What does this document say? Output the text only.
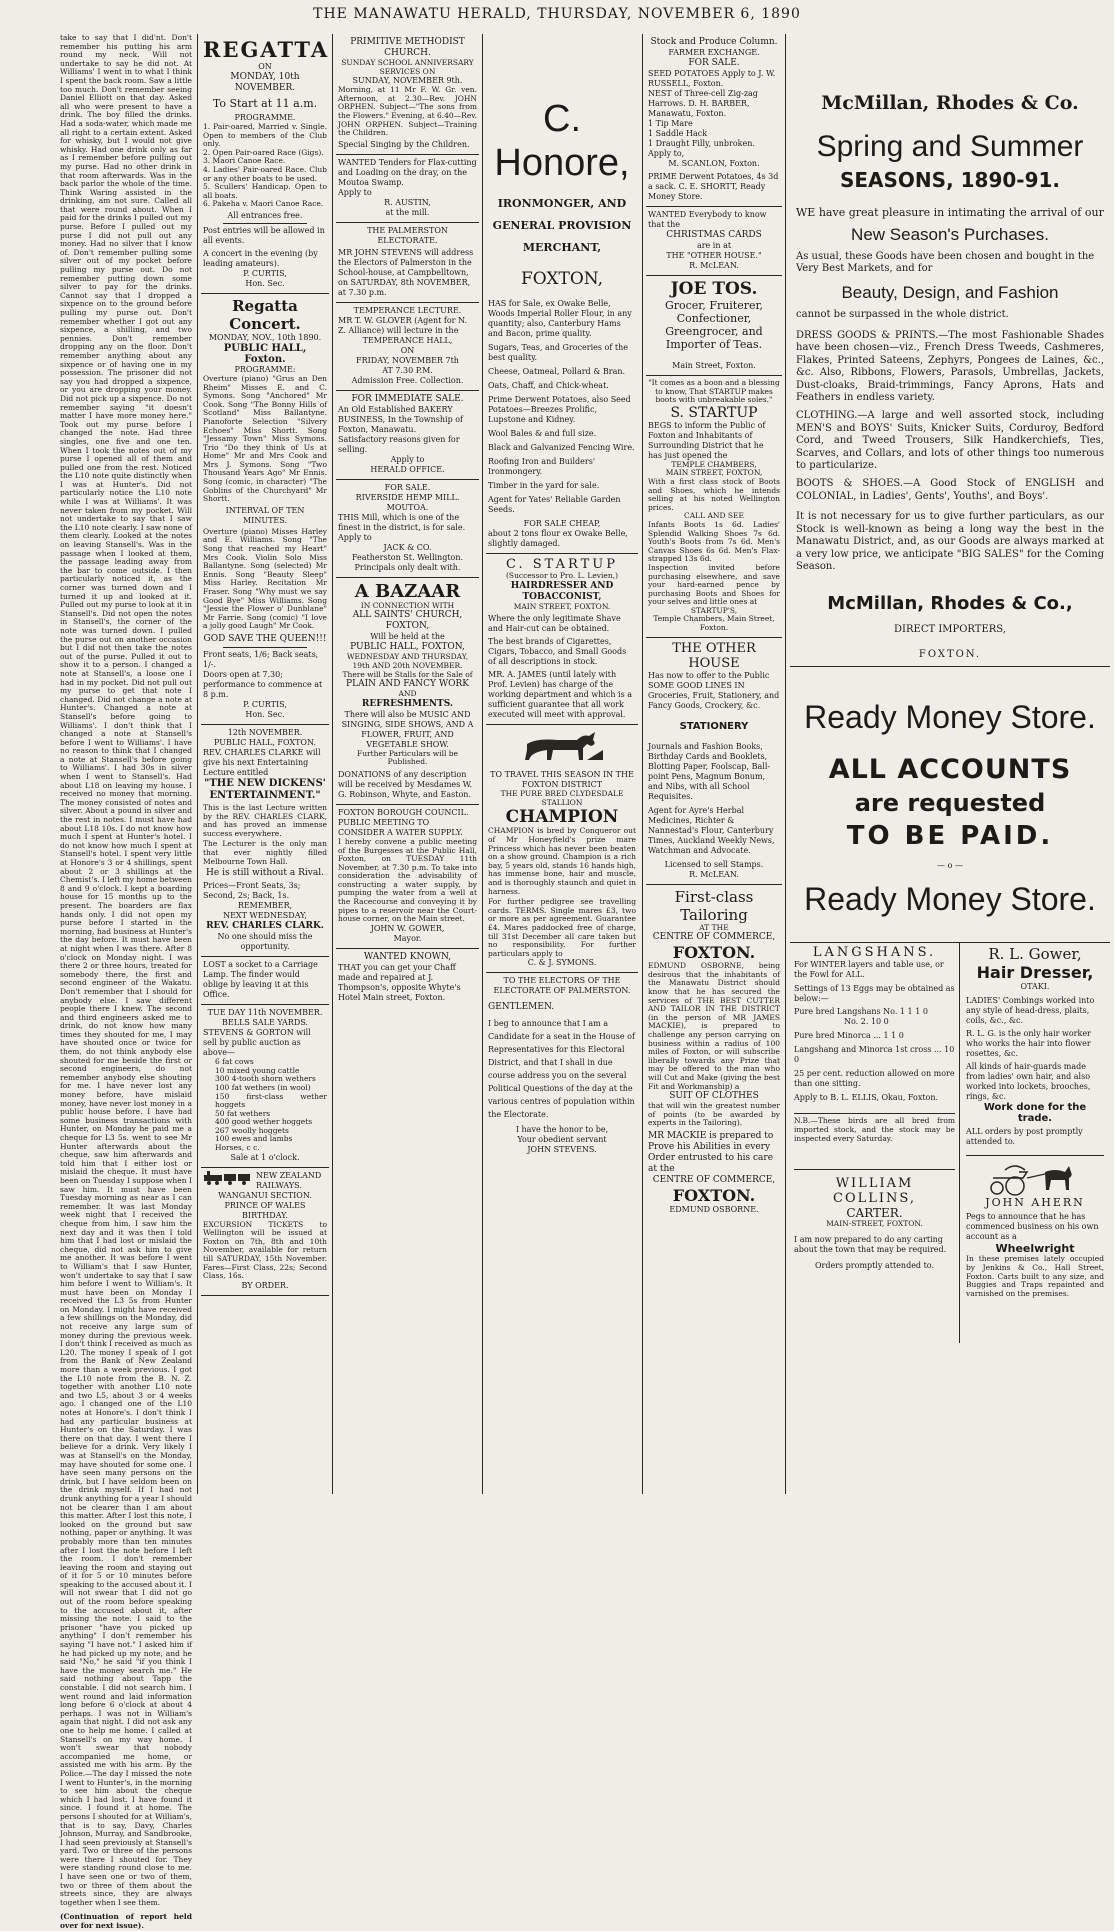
THE MANAWATU HERALD, THURSDAY, NOVEMBER 6, 1890

take to say that I did'nt. Don't remember his putting his arm round my neck. Will not undertake to say he did not. At Williams' I went in to what I think I spent the back room. Saw a little too much. Don't remember seeing Daniel Elliott on that day. Asked all who were present to have a drink. The boy filled the drinks. Had a soda-water, which made me all right to a certain extent. Asked for whisky, but I would not give whisky. Had one drink only as far as I remember before pulling out my purse. Had no other drink in that room afterwards. Was in the back parlor the whole of the time. Think Waring assisted in the drinking, am not sure. Called all that were round about. When I paid for the drinks I pulled out my purse. Before I pulled out my purse I did not pull out any money. Had no silver that I know of. Don't remember pulling some silver out of my pocket before pulling my purse out. Do not remember putting down some silver to pay for the drinks. Cannot say that I dropped a sixpence on to the ground before pulling my purse out. Don't remember whether I got out any sixpence, a shilling, and two pennies. Don't remember dropping any on the floor. Don't remember anything about any sixpence or of having one in my possession. The prisoner did not say you had dropped a sixpence, or you are dropping your money. Did not pick up a sixpence. Do not remember saying "it doesn't matter I have more money here." Took out my purse before I changed the note. Had three singles, one five and one ten. When I took the notes out of my purse I opened all of them and pulled one from the rest. Noticed the L10 note quite distinctly when I was at Hunter's. Did not particularly notice the L10 note while I was at Williams'. It was never taken from my pocket. Will not undertake to say that I saw the L10 note clearly. I saw none of them clearly. Looked at the notes on leaving Stansell's. Was in the passage when I looked at them, the passage leading away from the bar to come outside. I then particularly noticed it, as the corner was turned down and I turned it up and looked at it. Pulled out my purse to look at it in Stansell's. Did not open the notes in Stansell's, the corner of the note was turned down. I pulled the purse out on another occasion but I did not then take the notes out of the purse. Pulled it out to show it to a person. I changed a note at Stansell's, a loose one I had in my pocket. Did not pull out my purse to get that note I changed. Did not change a note at Hunter's. Changed a note at Stansell's before going to Williams'. I don't think that I changed a note at Stansell's before I went to Williams'. I have no reason to think that I changed a note at Stansell's before going to Williams'. I had 30s in silver when I went to Stansell's. Had about L18 on leaving my house. I received no money that morning. The money consisted of notes and silver. About a pound in silver and the rest in notes. I must have had about L18 10s. I do not know how much I spent at Hunter's hotel. I do not know how much I spent at Stansell's hotel. I spent very little at Honore's 3 or 4 shillings, spent about 2 or 3 shillings at the Chemist's. I left my home between 8 and 9 o'clock. I kept a boarding house for 15 months up to the present. The boarders are flax hands only. I did not open my purse before I started in the morning, had business at Hunter's the day before. It must have been at night when I was there. After 8 o'clock on Monday night. I was there 2 or three hours, treated for somebody there, the first and second engineer of the Wakatu. Don't remember that I should for anybody else. I saw different people there I knew. The second and third engineers asked me to drink, do not know how many times they shouted for me, I may have shouted once or twice for them, do not think anybody else shouted for me beside the first or second engineers, do not remember anybody else shouting for me. I have never lost any money before, have mislaid money, have never lost money in a public house before. I have had some business transactions with Hunter, on Monday he paid me a cheque for L3 5s. went to see Mr Hunter afterwards about the cheque, saw him afterwards and told him that I either lost or mislaid the cheque. It must have been on Tuesday I suppose when I saw him. It must have been Tuesday morning as near as I can remember. It was last Monday week night that I received the cheque from him. I saw him the next day and it was then I told him that I had lost or mislaid the cheque, did not ask him to give me another. It was before I went to William's that I saw Hunter, won't undertake to say that I saw him before I went to William's. It must have been on Monday I received the L3 5s from Hunter on Monday. I might have received a few shillings on the Monday, did not receive any large sum of money during the previous week. I don't think I received as much as L20. The money I speak of I got from the Bank of New Zealand more than a week previous. I got the L10 note from the B. N. Z. together with another L10 note and two L5, about 3 or 4 weeks ago. I changed one of the L10 notes at Honore's. I don't think I had any particular business at Hunter's on the Saturday. I was there on that day. I went there I believe for a drink. Very likely I was at Stansell's on the Monday, may have shouted for some one. I have seen many persons on the drink, but I have seldom been on the drink myself. If I had not drunk anything for a year I should not be clearer than I am about this matter. After I lost this note, I looked on the ground but saw nothing, paper or anything. It was probably more than ten minutes after I lost the note before I left the room. I don't remember leaving the room and staying out of it for 5 or 10 minutes before speaking to the accused about it. I will not swear that I did not go out of the room before speaking to the accused about it, after missing the note. I said to the prisoner "have you picked up anything" I don't remember his saying "I have not." I asked him if he had picked up my note, and he said "No," he said "if you think I have the money search me." He said nothing about Tapp the constable. I did not search him. I went round and laid information long before 6 o'clock at about 4 perhaps. I was not in William's again that night. I did not ask any one to help me home. I called at Stansell's on my way home. I won't swear that nobody accompanied me home, or assisted me with his arm. By the Police.—The day I missed the note I went to Hunter's, in the morning to see him about the cheque which I had lost. I have found it since. I found it at home. The persons I shouted for at William's, that is to say, Davy, Charles Johnson, Murray, and Sandbrooke, I had seen previously at Stansell's yard. Two or three of the persons were there I shouted for. They were standing round close to me. I have seen one or two of them, two or three of them about the streets since, they are always together when I see them.

(Continuation of report held over for next issue).

REGATTA
ON
MONDAY, 10th NOVEMBER.
To Start at 11 a.m.
PROGRAMME.

1. Pair-oared, Married v. Single. Open to members of the Club only.

2. Open Pair-oared Race (Gigs).

3. Maori Canoe Race.

4. Ladies' Pair-oared Race. Club or any other boats to be used.

5. Scullers' Handicap. Open to all boats.

6. Pakeha v. Maori Canoe Race.

All entrances free.
Post entries will be allowed in all events.
A concert in the evening (by leading amateurs).
P. CURTIS,
Hon. Sec.
Regatta Concert.
MONDAY, NOV., 10th 1890.
PUBLIC HALL, Foxton.
PROGRAMME:
Overture (piano) "Grus an Den Rheim" Misses E. and C. Symons. Song "Anchored" Mr Cook. Song "The Bonny Hills of Scotland" Miss Ballantyne. Pianoforte Selection "Silvery Echoes" Miss Shortt. Song "Jessamy Town" Miss Symons. Trio "Do they think of Us at Home" Mr and Mrs Cook and Mrs J. Symons. Song "Two Thousand Years Ago" Mr Ennis. Song (comic, in character) "The Goblins of the Churchyard" Mr Shortt.
INTERVAL OF TEN MINUTES.
Overture (piano) Misses Harley and E. Williams. Song "The Song that reached my Heart" Mrs Cook. Violin Solo Miss Ballantyne. Song (selected) Mr Ennis. Song "Beauty Sleep" Miss Harley. Recitation Mr Fraser. Song "Why must we say Good Bye" Miss Williams. Song "Jessie the Flower o' Dunblane" Mr Farrie. Song (comic) "I love a jolly good Laugh" Mr Cook.
GOD SAVE THE QUEEN!!!
Front seats, 1/6; Back seats, 1/-.
Doors open at 7.30; performance to commence at 8 p.m.
P. CURTIS,
Hon. Sec.
12th NOVEMBER.
PUBLIC HALL, FOXTON.
REV. CHARLES CLARKE will give his next Entertaining Lecture entitled
"THE NEW DICKENS' ENTERTAINMENT."
This is the last Lecture written by the REV. CHARLES CLARK, and has proved an immense success everywhere.
The Lecturer is the only man that ever nightly filled Melbourne Town Hall.
He is still without a Rival.
Prices—Front Seats, 3s; Second, 2s; Back, 1s.
REMEMBER,
NEXT WEDNESDAY,
REV. CHARLES CLARK.
No one should miss the opportunity.
LOST a socket to a Carriage Lamp. The finder would oblige by leaving it at this Office.
TUE DAY 11th NOVEMBER.
BELLS SALE YARDS.
STEVENS & GORTON will sell by public auction as above—

6 fat cows

10 mixed young cattle

300 4-tooth shorn wethers

100 fat wethers (in wool)

150 first-class wether hoggets

50 fat wethers

400 good wether hoggets

267 woolly hoggets

100 ewes and lambs

Horses, c c.

Sale at 1 o'clock.
NEW ZEALAND RAILWAYS.
WANGANUI SECTION.
PRINCE OF WALES BIRTHDAY.
EXCURSION TICKETS to Wellington will be issued at Foxton on 7th, 8th and 10th November, available for return till SATURDAY, 15th November. Fares—First Class, 22s; Second Class, 16s.
BY ORDER.
PRIMITIVE METHODIST CHURCH.
SUNDAY SCHOOL ANNIVERSARY SERVICES ON
SUNDAY, NOVEMBER 9th.
Morning, at 11 Mr F. W. Gr. ven. Afternoon, at 2.30—Rev. JOHN ORPHEN. Subject—"The sons from the Flowers." Evening, at 6.40—Rev. JOHN ORPHEN. Subject—Training the Children.
Special Singing by the Children.
WANTED Tenders for Flax-cutting and Loading on the dray, on the Moutoa Swamp.
Apply to
R. AUSTIN,
at the mill.
THE PALMERSTON ELECTORATE.
MR JOHN STEVENS will address the Electors of Palmerston in the School-house, at Campbelltown, on SATURDAY, 8th NOVEMBER, at 7.30 p.m.
TEMPERANCE LECTURE.
MR T. W. GLOVER (Agent for N. Z. Alliance) will lecture in the
TEMPERANCE HALL,
ON
FRIDAY, NOVEMBER 7th
AT 7.30 P.M.
Admission Free. Collection.
FOR IMMEDIATE SALE.
An Old Established BAKERY BUSINESS, In the Township of Foxton, Manawatu.
Satisfactory reasons given for selling.
Apply to
HERALD OFFICE.
FOR SALE.
RIVERSIDE HEMP MILL. MOUTOA.
THIS Mill, which is one of the finest in the district, is for sale.
Apply to
JACK & CO.
Featherston St. Wellington.
Principals only dealt with.
A BAZAAR
IN CONNECTION WITH
ALL SAINTS' CHURCH, FOXTON,
Will be held at the
PUBLIC HALL, FOXTON,
WEDNESDAY AND THURSDAY, 19th AND 20th NOVEMBER.
There will be Stalls for the Sale of
PLAIN AND FANCY WORK
AND
REFRESHMENTS.
There will also be MUSIC AND SINGING, SIDE SHOWS, AND A
FLOWER, FRUIT, AND VEGETABLE SHOW.
Further Particulars will be Published.
DONATIONS of any description will be received by Mesdames W. G. Robinson, Whyte, and Easton.
FOXTON BOROUGH COUNCIL.
PUBLIC MEETING TO CONSIDER A WATER SUPPLY.
I hereby convene a public meeting of the Burgesses at the Public Hall, Foxton, on TUESDAY 11th November, at 7.30 p.m. To take into consideration the advisability of constructing a water supply, by pumping the water from a well at the Racecourse and conveying it by pipes to a reservoir near the Court-house corner, on the Main street.
JOHN W. GOWER,
Mayor.
WANTED KNOWN,
THAT you can get your Chaff made and repaired at J. Thompson's, opposite Whyte's Hotel Main street, Foxton.
C. Honore,
IRONMONGER, AND GENERAL PROVISION MERCHANT,
FOXTON,
HAS for Sale, ex Owake Belle, Woods Imperial Roller Flour, in any quantity; also, Canterbury Hams and Bacon, prime quality.
Sugars, Teas, and Groceries of the best quality.
Cheese, Oatmeal, Pollard & Bran.
Oats, Chaff, and Chick-wheat.
Prime Derwent Potatoes, also Seed Potatoes—Breezes Prolific, Lupstone and Kidney.
Wool Bales & and full size.
Black and Galvanized Fencing Wire.
Roofing Iron and Builders' Ironmongery.
Timber in the yard for sale.
Agent for Yates' Reliable Garden Seeds.
FOR SALE CHEAP,
about 2 tons flour ex Owake Belle, slightly damaged.
C. STARTUP
(Successor to Pro. L. Levien,)
HAIRDRESSER AND TOBACCONIST,
MAIN STREET, FOXTON.
Where the only legitimate Shave and Hair-cut can be obtained.
The best brands of Cigarettes, Cigars, Tobacco, and Small Goods of all descriptions in stock.
MR. A. JAMES (until lately with Prof. Levien) has charge of the working department and which is a sufficient guarantee that all work executed will meet with approval.
TO TRAVEL THIS SEASON IN THE FOXTON DISTRICT
THE PURE BRED CLYDESDALE STALLION
CHAMPION
CHAMPION is bred by Conqueror out of Mr Honeyfield's prize mare Princess which has never been beaten on a show ground. Champion is a rich bay, 5 years old, stands 16 hands high, has immense bone, hair and muscle, and is thoroughly staunch and quiet in harness.
For further pedigree see travelling cards. TERMS. Single mares £3, two or more as per agreement. Guarantee £4. Mares paddocked free of charge, till 31st December all care taken but no responsibility. For further particulars apply to
C. & J. SYMONS.
TO THE ELECTORS OF THE ELECTORATE OF PALMERSTON.
GENTLEMEN.
I beg to announce that I am a Candidate for a seat in the House of Representatives for this Electoral District, and that I shall in due course address you on the several Political Questions of the day at the various centres of population within the Electorate.
I have the honor to be,
Your obedient servant
JOHN STEVENS.
Stock and Produce Column.
FARMER EXCHANGE.
FOR SALE.
SEED POTATOES Apply to J. W. RUSSELL, Foxton.
NEST of Three-cell Zig-zag Harrows. D. H. BARBER, Manawatu, Foxton.
1 Tip Mare
1 Saddle Hack
1 Draught Filly, unbroken.
Apply to,
M. SCANLON, Foxton.
PRIME Derwent Potatoes, 4s 3d a sack. C. E. SHORTT, Ready Money Store.
WANTED Everybody to know that the
CHRISTMAS CARDS
are in at
THE "OTHER HOUSE."
R. McLEAN.
JOE TOS.
Grocer, Fruiterer, Confectioner, Greengrocer, and Importer of Teas.
Main Street, Foxton.
"It comes as a boon and a blessing to know, That STARTUP makes boots with unbreakable soles."
S. STARTUP
BEGS to inform the Public of Foxton and Inhabitants of Surrounding District that he has just opened the
TEMPLE CHAMBERS,
MAIN STREET, FOXTON,
With a first class stock of Boots and Shoes, which he intends selling at his noted Wellington prices.
CALL AND SEE
Infants Boots 1s 6d. Ladies' Splendid Walking Shoes 7s 6d. Youth's Boots from 7s 6d. Men's Canvas Shoes 6s 6d. Men's Flax-strapped 13s 6d.
Inspection invited before purchasing elsewhere, and save your hard-earned pence by purchasing Boots and Shoes for your selves and little ones at
STARTUP'S,
Temple Chambers, Main Street, Foxton.
THE OTHER HOUSE
Has now to offer to the Public SOME GOOD LINES IN Groceries, Fruit, Stationery, and Fancy Goods, Crockery, &c.
STATIONERY
Journals and Fashion Books, Birthday Cards and Booklets, Blotting Paper, Foolscap, Ball-point Pens, Magnum Bonum, and Nibs, with all School Requisites.
Agent for Ayre's Herbal Medicines, Richter & Nannestad's Flour, Canterbury Times, Auckland Weekly News, Watchman and Advocate.
Licensed to sell Stamps.
R. McLEAN.
First-class Tailoring
AT THE
CENTRE OF COMMERCE,
FOXTON.
EDMUND OSBORNE, being desirous that the inhabitants of the Manawatu District should know that he has secured the services of THE BEST CUTTER AND TAILOR IN THE DISTRICT (in the person of MR JAMES MACKIE), is prepared to challenge any person carrying on business within a radius of 100 miles of Foxton, or will subscribe liberally towards any Prize that may be offered to the man who will Cut and Make (giving the best Fit and Workmanship) a
SUIT OF CLOTHES
that will win the greatest number of points (to be awarded by experts in the Tailoring).
MR MACKIE is prepared to Prove his Abilities in every Order entrusted to his care at the
CENTRE OF COMMERCE,
FOXTON.
EDMUND OSBORNE.
McMillan, Rhodes & Co.
Spring and Summer
SEASONS, 1890-91.
WE have great pleasure in intimating the arrival of our
New Season's Purchases.
As usual, these Goods have been chosen and bought in the Very Best Markets, and for
Beauty, Design, and Fashion
cannot be surpassed in the whole district.
DRESS GOODS & PRINTS.—The most Fashionable Shades have been chosen—viz., French Dress Tweeds, Cashmeres, Flakes, Printed Sateens, Zephyrs, Pongees de Laines, &c., &c. Also, Ribbons, Flowers, Parasols, Umbrellas, Jackets, Dust-cloaks, Braid-trimmings, Fancy Aprons, Hats and Feathers in endless variety.
CLOTHING.—A large and well assorted stock, including MEN'S and BOYS' Suits, Knicker Suits, Corduroy, Bedford Cord, and Tweed Trousers, Silk Handkerchiefs, Ties, Scarves, and Collars, and lots of other things too numerous to particularize.
BOOTS & SHOES.—A Good Stock of ENGLISH and COLONIAL, in Ladies', Gents', Youths', and Boys'.
It is not necessary for us to give further particulars, as our Stock is well-known as being a long way the best in the Manawatu District, and, as our Goods are always marked at a very low price, we anticipate "BIG SALES" for the Coming Season.
McMillan, Rhodes & Co.,
DIRECT IMPORTERS,
FOXTON.
Ready Money Store.
ALL ACCOUNTS
are requested
TO BE PAID.
— o —
Ready Money Store.
LANGSHANS.
For WINTER layers and table use, or the Fowl for ALL.
Settings of 13 Eggs may be obtained as below:—
Pure bred Langshans No. 1 1 1 0
No. 2. 10 0
Pure bred Minorca ... 1 1 0
Langshang and Minorca 1st cross ... 10 0
25 per cent. reduction allowed on more than one sitting.
Apply to B. L. ELLIS, Okau, Foxton.
N.B.—These birds are all bred from imported stock, and the stock may be inspected every Saturday.
WILLIAM COLLINS,
CARTER.
MAIN-STREET, FOXTON.
I am now prepared to do any carting about the town that may be required.
Orders promptly attended to.
R. L. Gower,
Hair Dresser,
OTAKI.
LADIES' Combings worked into any style of head-dress, plaits, coils, &c., &c.
R. L. G. is the only hair worker who works the hair into flower rosettes, &c.
All kinds of hair-guards made from ladies' own hair, and also worked into lockets, brooches, rings, &c.
Work done for the trade.
ALL orders by post promptly attended to.
JOHN AHERN
Pegs to announce that he has commenced business on his own account as a
Wheelwright
In these premises lately occupied by Jenkins & Co., Hall Street, Foxton. Carts built to any size, and Buggies and Traps repainted and varnished on the premises.
